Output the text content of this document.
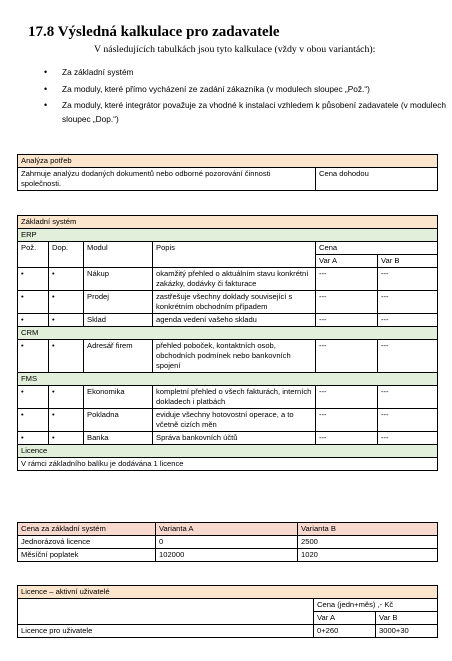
17.8 Výsledná kalkulace pro zadavatele

V následujících tabulkách jsou tyto kalkulace (vždy v obou variantách):

• Za základní systém
• Za moduly, které přímo vycházení ze zadání zákazníka (v modulech sloupec „Pož.“)
• Za moduly, které integrátor považuje za vhodné k instalaci vzhledem k působení zadavatele (v modulech sloupec „Dop.“)
Analýza potřeb
Zahrnuje analýzu dodaných dokumentů nebo odborné pozorování činnosti společnosti.	Cena dohodou
Základní systém					
ERP					
Pož.	Dop.	Modul	Popis	Cena	
				Var A	Var B
•	•	Nákup	okamžitý přehled o aktuálním stavu konkrétní zakázky, dodávky či fakturace	---	---
•	•	Prodej	zastřešuje všechny doklady související s konkrétním obchodním případem	---	---
•	•	Sklad	agenda vedení vašeho skladu	---	---
CRM					
•	•	Adresář firem	přehled poboček, kontaktních osob, obchodních podmínek nebo bankovních spojení	---	---
FMS					
•	•	Ekonomika	kompletní přehled o všech fakturách, interních dokladech i platbách	---	---
•	•	Pokladna	eviduje všechny hotovostní operace, a to včetně cizích měn	---	---
•	•	Banka	Správa bankovních účtů	---	---
Licence					
V rámci základního balíku je dodávána 1 licence					
Cena za základní systém	Varianta A	Varianta B
Jednorázová licence	0	2500
Měsíční poplatek	102000	1020
Licence – aktivní uživatelé		
	Cena (jedn+měs) ,- Kč	
	Var A	Var B
Licence pro uživatele	0+260	3000+30
